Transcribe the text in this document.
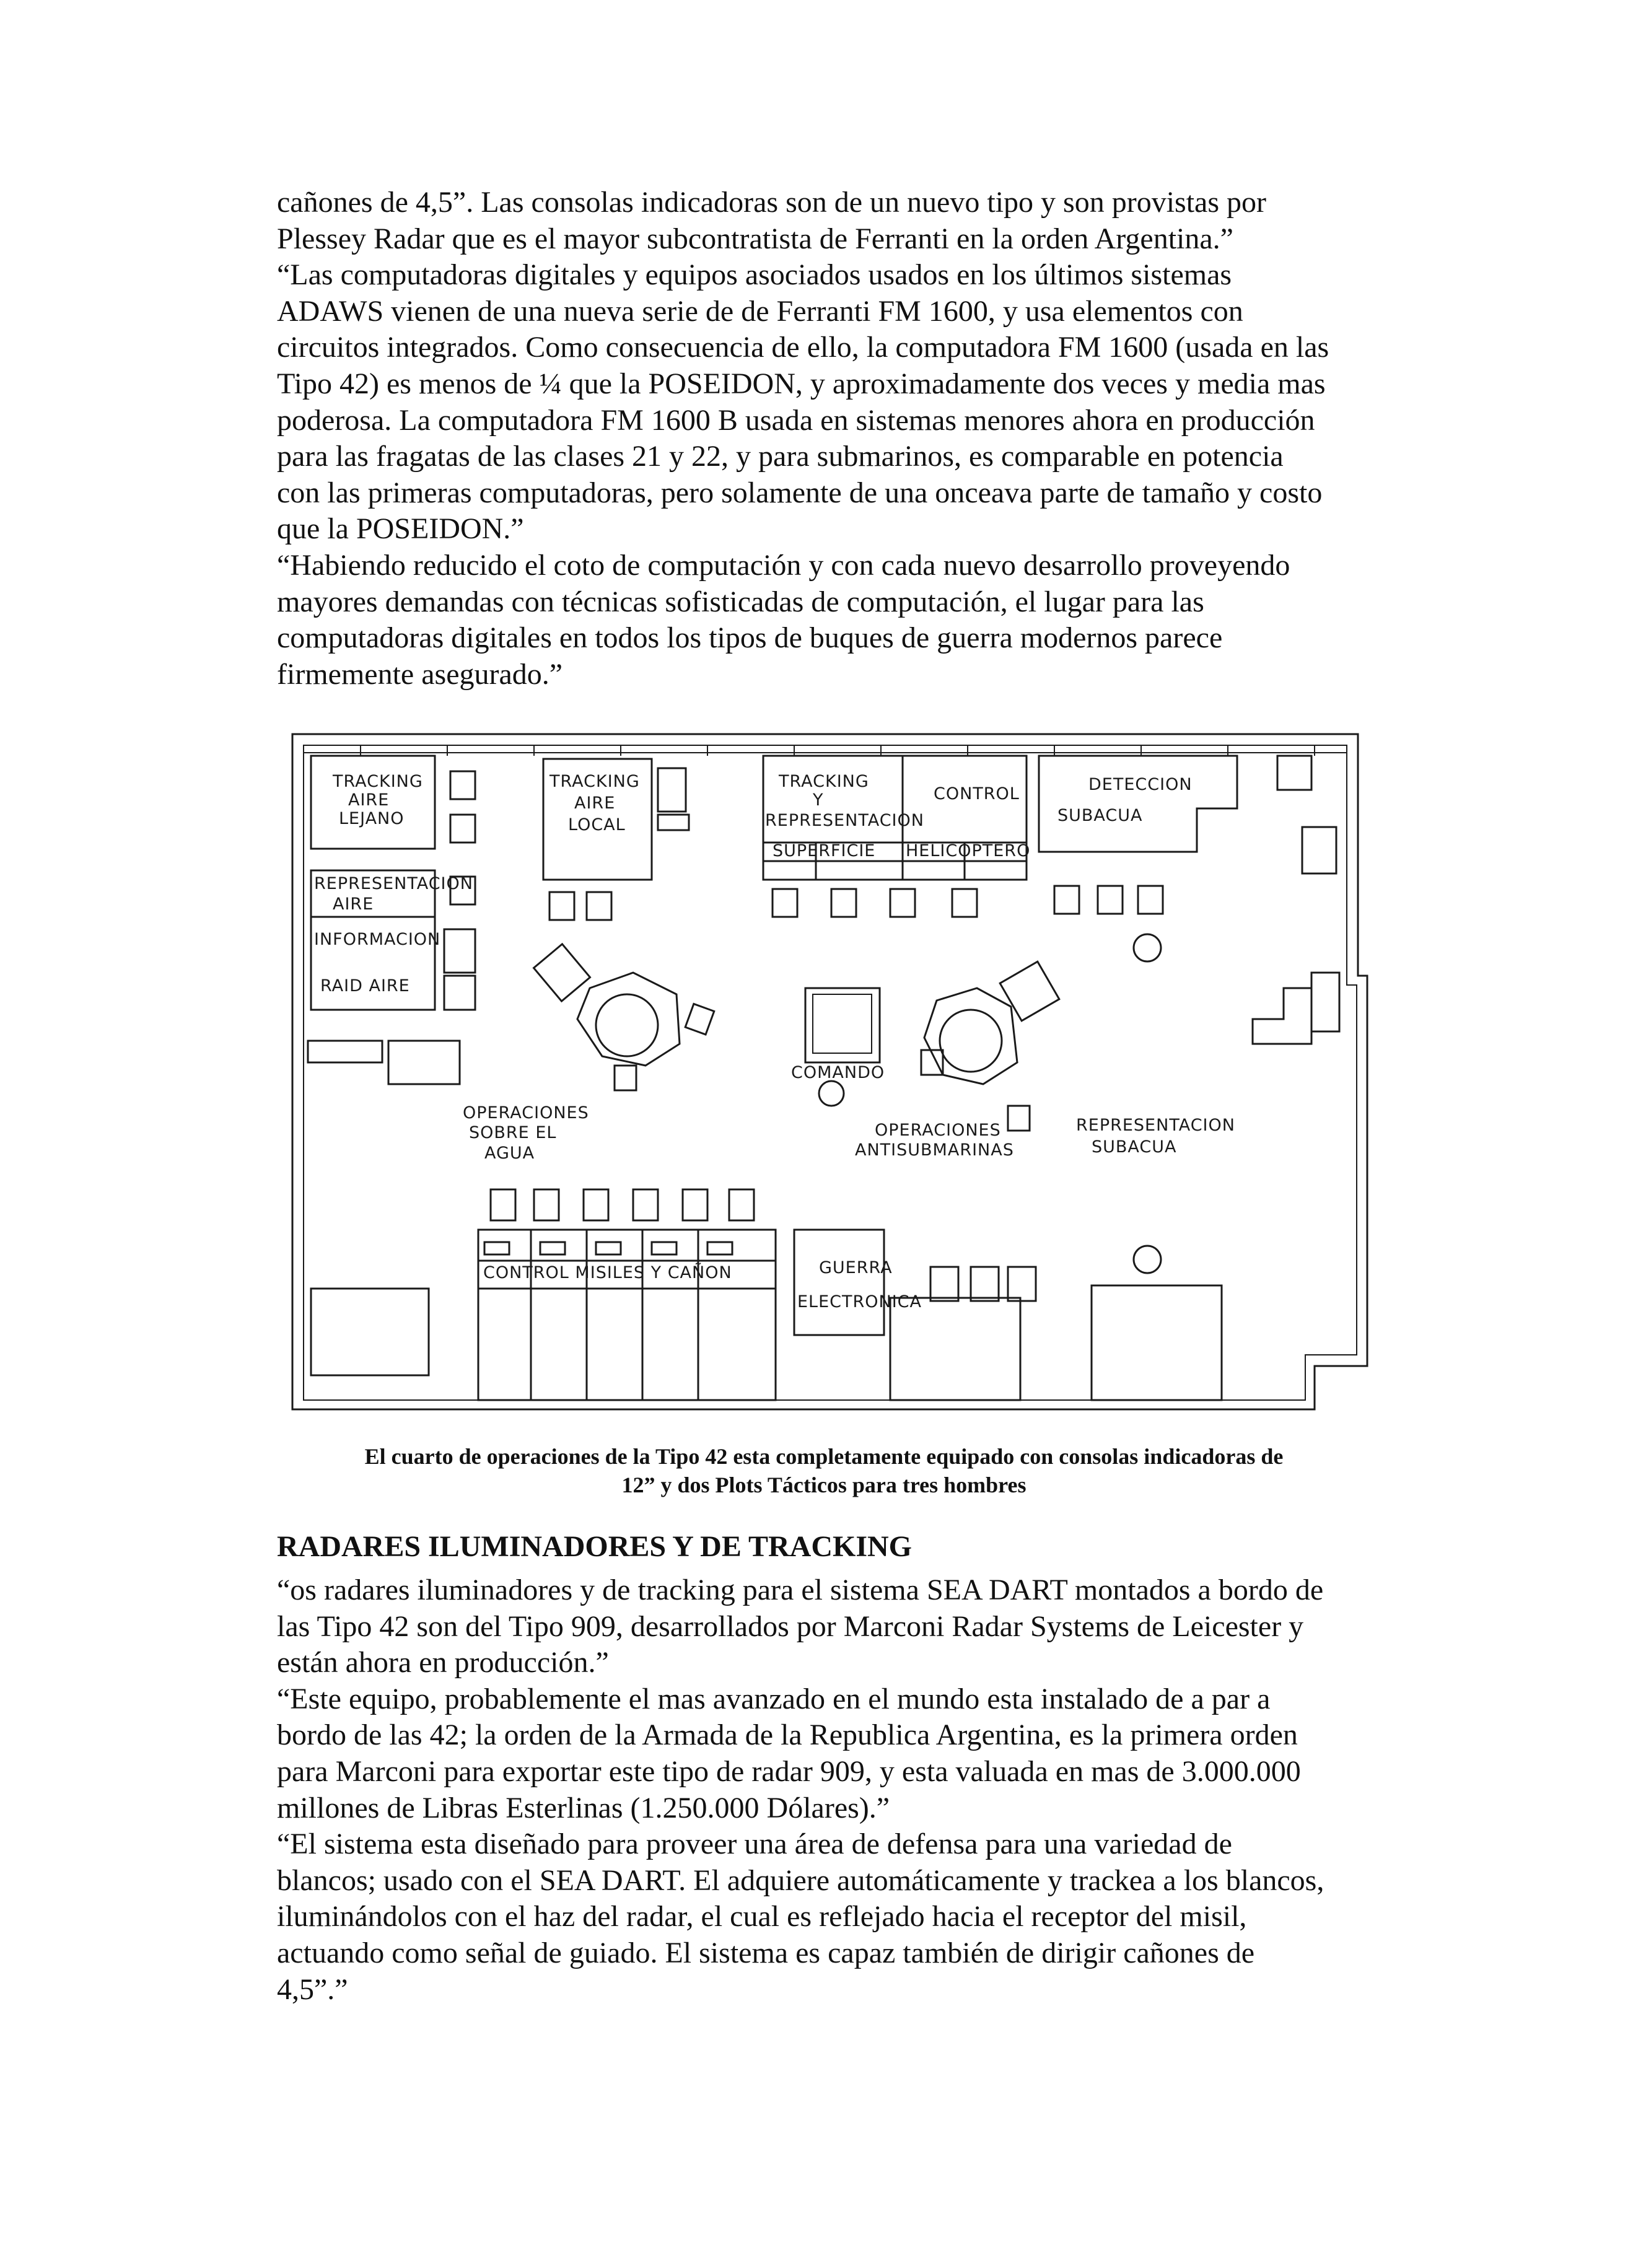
cañones de 4,5”. Las consolas indicadoras son de un nuevo tipo y son provistas por
Plessey Radar que es el mayor subcontratista de Ferranti en la orden Argentina.”
“Las computadoras digitales y equipos asociados usados en los últimos sistemas
ADAWS vienen de una nueva serie de de Ferranti FM 1600, y usa elementos con
circuitos integrados. Como consecuencia de ello, la computadora FM 1600 (usada en las
Tipo 42) es menos de ¼ que la POSEIDON, y aproximadamente dos veces y media mas
poderosa. La computadora FM 1600 B usada en sistemas menores ahora en producción
para las fragatas de las clases 21 y 22, y para submarinos, es comparable en potencia
con las primeras computadoras, pero solamente de una onceava parte de tamaño y costo
que la POSEIDON.”
“Habiendo reducido el coto de computación y con cada nuevo desarrollo proveyendo
mayores demandas con técnicas sofisticadas de computación, el lugar para las
computadoras digitales en todos los tipos de buques de guerra modernos parece
firmemente asegurado.”
TRACKING
AIRE
LEJANO
TRACKING
AIRE
LOCAL
TRACKING
Y
REPRESENTACION
SUPERFICIE
CONTROL
HELICOPTERO
DETECCION
SUBACUA
REPRESENTACION
AIRE
INFORMACION
RAID AIRE
COMANDO
OPERACIONES
SOBRE EL
AGUA
OPERACIONES
ANTISUBMARINAS
REPRESENTACION
SUBACUA
CONTROL MISILES Y CAÑON	GUERRA
ELECTRONICA
El cuarto de operaciones de la Tipo 42 esta completamente equipado con consolas indicadoras de
12” y dos Plots Tácticos para tres hombres
RADARES ILUMINADORES Y DE TRACKING
“os radares iluminadores y de tracking para el sistema SEA DART montados a bordo de
las Tipo 42 son del Tipo 909, desarrollados por Marconi Radar Systems de Leicester y
están ahora en producción.”
“Este equipo, probablemente el mas avanzado en el mundo esta instalado de a par a
bordo de las 42; la orden de la Armada de la Republica Argentina, es la primera orden
para Marconi para exportar este tipo de radar 909, y esta valuada en mas de 3.000.000
millones de Libras Esterlinas (1.250.000 Dólares).”
“El sistema esta diseñado para proveer una área de defensa para una variedad de
blancos; usado con el SEA DART. El adquiere automáticamente y trackea a los blancos,
iluminándolos con el haz del radar, el cual es reflejado hacia el receptor del misil,
actuando como señal de guiado. El sistema es capaz también de dirigir cañones de
4,5”.”
